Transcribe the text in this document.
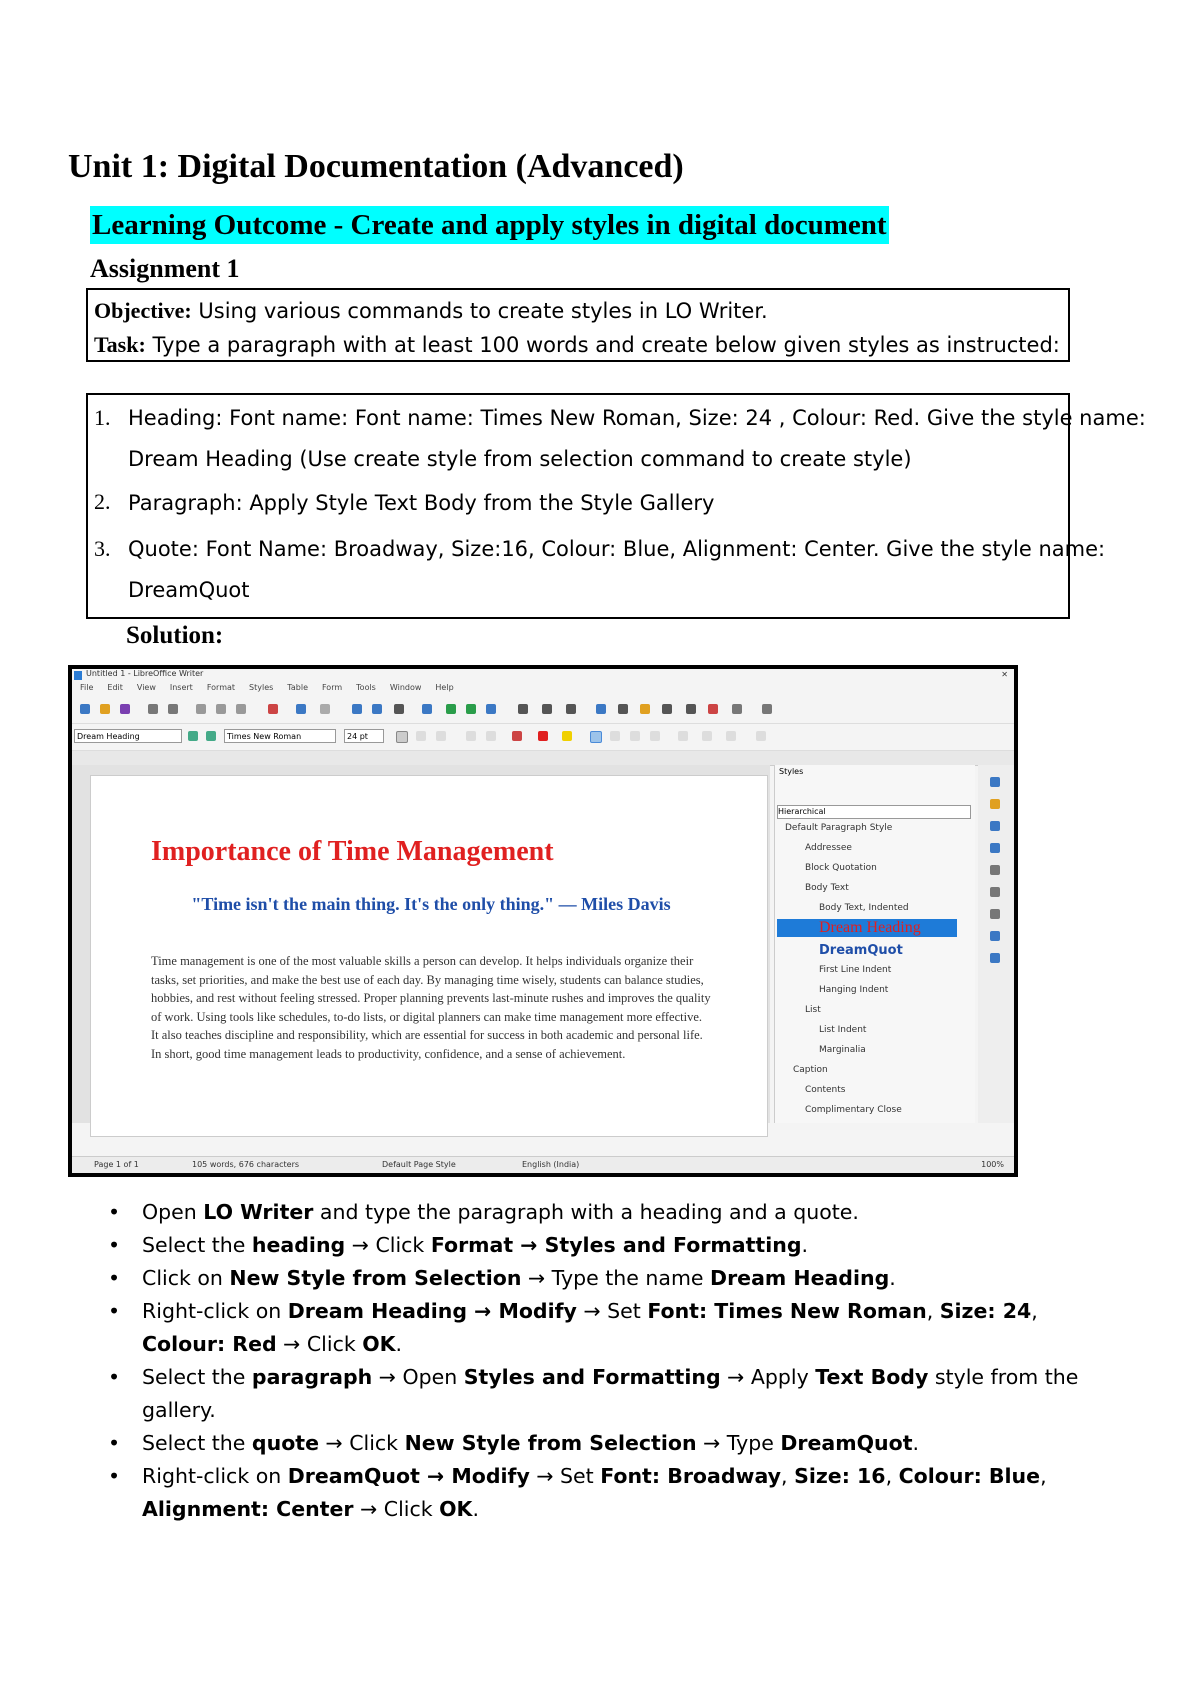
Unit 1: Digital Documentation (Advanced)
Learning Outcome - Create and apply styles in digital document
Assignment 1
Objective: Using various commands to create styles in LO Writer.
Task: Type a paragraph with at least 100 words and create below given styles as instructed:
1. Heading: Font name: Font name: Times New Roman, Size: 24 , Colour: Red. Give the style name:
Dream Heading (Use create style from selection command to create style)
2. Paragraph: Apply Style Text Body from the Style Gallery
3. Quote: Font Name: Broadway, Size:16, Colour: Blue, Alignment: Center. Give the style name:
DreamQuot
Solution:
Untitled 1 - LibreOffice Writer	✕
File Edit View Insert Format Styles Table Form Tools Window Help
Dream Heading	Times New Roman	24 pt
Importance of Time Management
"Time isn't the main thing. It's the only thing." — Miles Davis
Time management is one of the most valuable skills a person can develop. It helps individuals organize their tasks, set priorities, and make the best use of each day. By managing time wisely, students can balance studies, hobbies, and rest without feeling stressed. Proper planning prevents last-minute rushes and improves the quality of work. Using tools like schedules, to-do lists, or digital planners can make time management more effective. It also teaches discipline and responsibility, which are essential for success in both academic and personal life. In short, good time management leads to productivity, confidence, and a sense of achievement.
Styles
Hierarchical
Default Paragraph Style
Addressee
Block Quotation
Body Text
Body Text, Indented
Dream Heading
DreamQuot
First Line Indent
Hanging Indent
List
List Indent
Marginalia
Caption
Contents
Complimentary Close
Page 1 of 1	105 words, 676 characters	Default Page Style	English (India)	100%
• Open LO Writer and type the paragraph with a heading and a quote.
• Select the heading → Click Format → Styles and Formatting.
• Click on New Style from Selection → Type the name Dream Heading.
• Right-click on Dream Heading → Modify → Set Font: Times New Roman, Size: 24, Colour: Red → Click OK.
• Select the paragraph → Open Styles and Formatting → Apply Text Body style from the gallery.
• Select the quote → Click New Style from Selection → Type DreamQuot.
• Right-click on DreamQuot → Modify → Set Font: Broadway, Size: 16, Colour: Blue, Alignment: Center → Click OK.
